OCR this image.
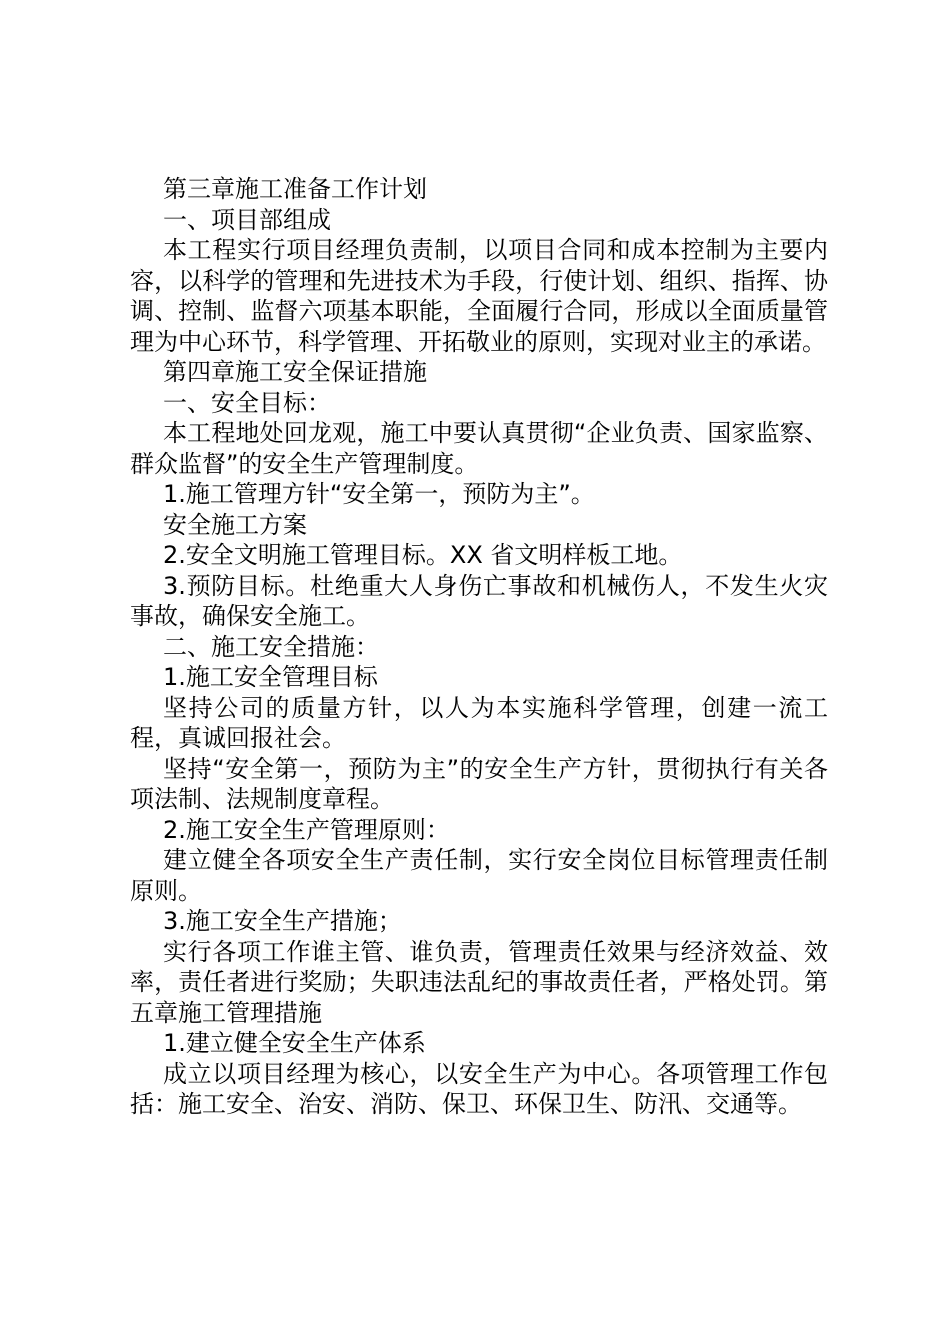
第三章施工准备工作计划

一、项目部组成

本工程实行项目经理负责制，以项目合同和成本控制为主要内容，以科学的管理和先进技术为手段，行使计划、组织、指挥、协调、控制、监督六项基本职能，全面履行合同，形成以全面质量管理为中心环节，科学管理、开拓敬业的原则，实现对业主的承诺。

第四章施工安全保证措施

一、安全目标：

本工程地处回龙观，施工中要认真贯彻“企业负责、国家监察、群众监督”的安全生产管理制度。

1.施工管理方针“安全第一，预防为主”。

安全施工方案

2.安全文明施工管理目标。XX 省文明样板工地。

3.预防目标。杜绝重大人身伤亡事故和机械伤人，不发生火灾事故，确保安全施工。

二、施工安全措施：

1.施工安全管理目标

坚持公司的质量方针，以人为本实施科学管理，创建一流工程，真诚回报社会。

坚持“安全第一，预防为主”的安全生产方针，贯彻执行有关各项法制、法规制度章程。

2.施工安全生产管理原则：

建立健全各项安全生产责任制，实行安全岗位目标管理责任制原则。

3.施工安全生产措施；

实行各项工作谁主管、谁负责，管理责任效果与经济效益、效率，责任者进行奖励；失职违法乱纪的事故责任者，严格处罚。第五章施工管理措施

1.建立健全安全生产体系

成立以项目经理为核心，以安全生产为中心。各项管理工作包括：施工安全、治安、消防、保卫、环保卫生、防汛、交通等。
